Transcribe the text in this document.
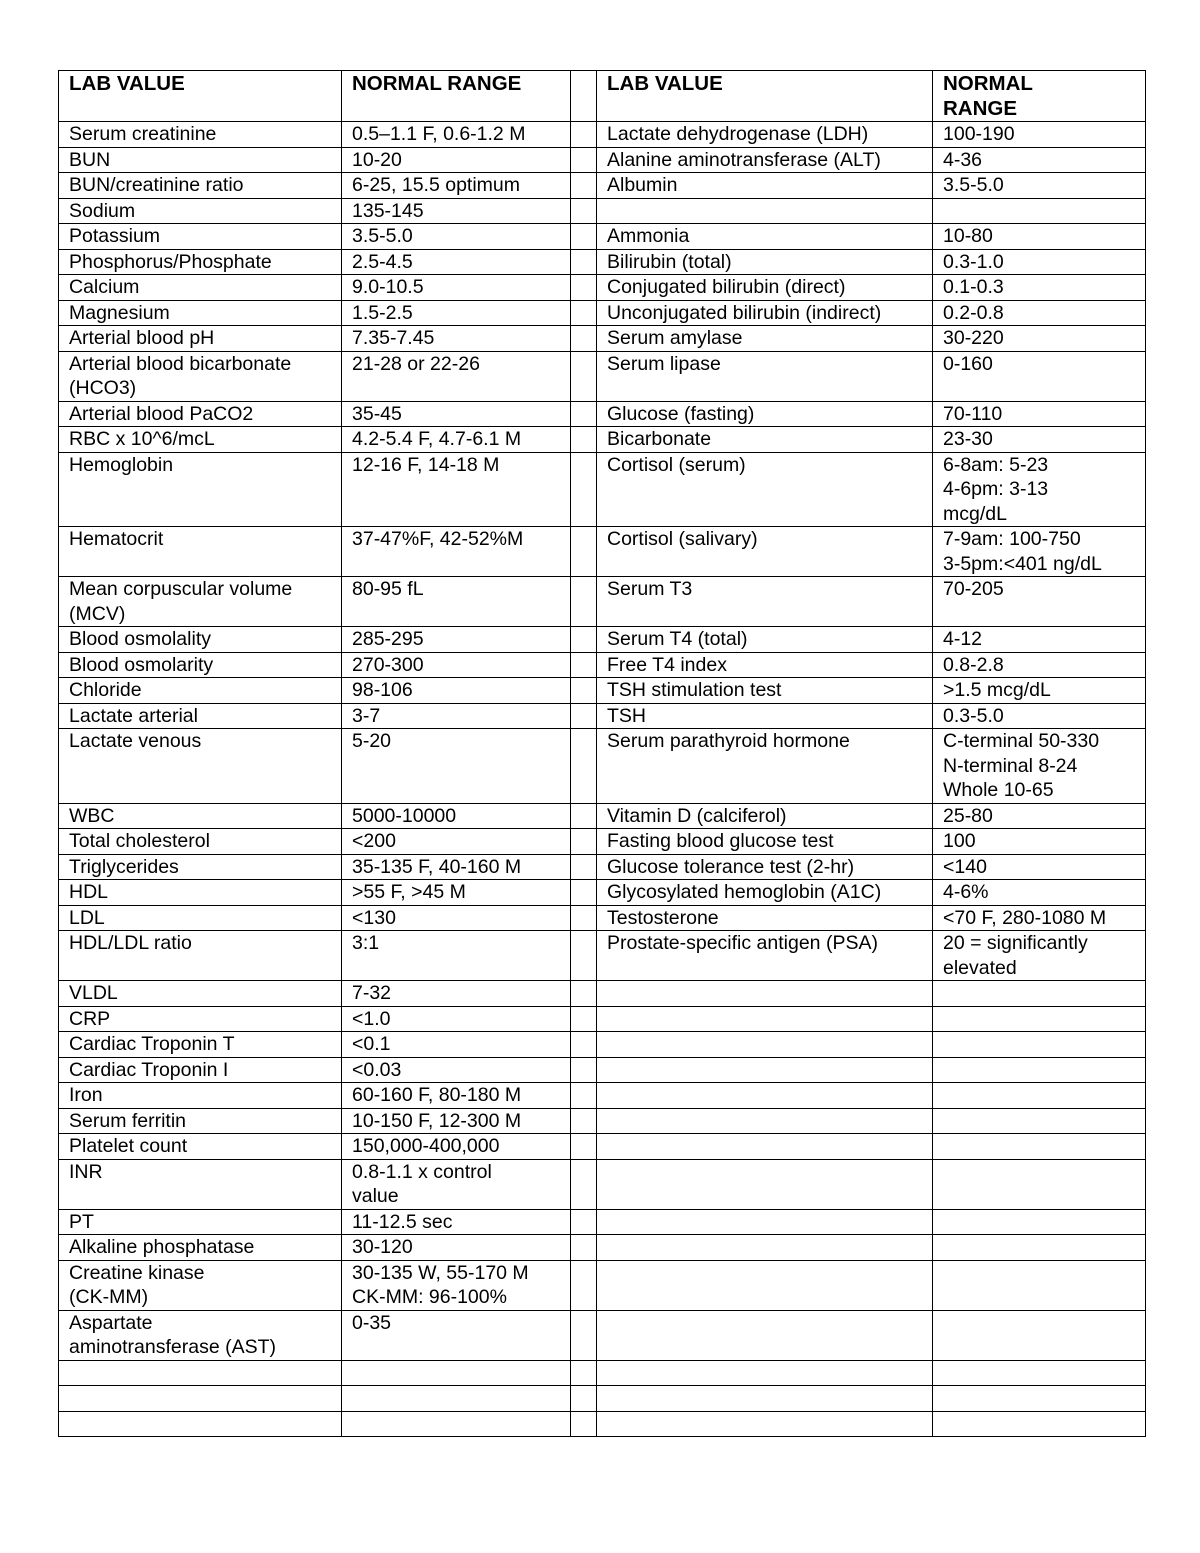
LAB VALUE	NORMAL RANGE		LAB VALUE	NORMAL
RANGE
Serum creatinine	0.5–1.1 F, 0.6-1.2 M		Lactate dehydrogenase (LDH)	100-190
BUN	10-20		Alanine aminotransferase (ALT)	4-36
BUN/creatinine ratio	6-25, 15.5 optimum		Albumin	3.5-5.0
Sodium	135-145			
Potassium	3.5-5.0		Ammonia	10-80
Phosphorus/Phosphate	2.5-4.5		Bilirubin (total)	0.3-1.0
Calcium	9.0-10.5		Conjugated bilirubin (direct)	0.1-0.3
Magnesium	1.5-2.5		Unconjugated bilirubin (indirect)	0.2-0.8
Arterial blood pH	7.35-7.45		Serum amylase	30-220
Arterial blood bicarbonate
(HCO3)	21-28 or 22-26		Serum lipase	0-160
Arterial blood PaCO2	35-45		Glucose (fasting)	70-110
RBC x 10^6/mcL	4.2-5.4 F, 4.7-6.1 M		Bicarbonate	23-30
Hemoglobin	12-16 F, 14-18 M		Cortisol (serum)	6-8am: 5-23
4-6pm: 3-13
mcg/dL
Hematocrit	37-47%F, 42-52%M		Cortisol (salivary)	7-9am: 100-750
3-5pm:<401 ng/dL
Mean corpuscular volume
(MCV)	80-95 fL		Serum T3	70-205
Blood osmolality	285-295		Serum T4 (total)	4-12
Blood osmolarity	270-300		Free T4 index	0.8-2.8
Chloride	98-106		TSH stimulation test	>1.5 mcg/dL
Lactate arterial	3-7		TSH	0.3-5.0
Lactate venous	5-20		Serum parathyroid hormone	C-terminal 50-330
N-terminal 8-24
Whole 10-65
WBC	5000-10000		Vitamin D (calciferol)	25-80
Total cholesterol	<200		Fasting blood glucose test	100
Triglycerides	35-135 F, 40-160 M		Glucose tolerance test (2-hr)	<140
HDL	>55 F, >45 M		Glycosylated hemoglobin (A1C)	4-6%
LDL	<130		Testosterone	<70 F, 280-1080 M
HDL/LDL ratio	3:1		Prostate-specific antigen (PSA)	20 = significantly
elevated
VLDL	7-32			
CRP	<1.0			
Cardiac Troponin T	<0.1			
Cardiac Troponin I	<0.03			
Iron	60-160 F, 80-180 M			
Serum ferritin	10-150 F, 12-300 M			
Platelet count	150,000-400,000			
INR	0.8-1.1 x control
value			
PT	11-12.5 sec			
Alkaline phosphatase	30-120			
Creatine kinase
(CK-MM)	30-135 W, 55-170 M
CK-MM: 96-100%			
Aspartate
aminotransferase (AST)	0-35			
